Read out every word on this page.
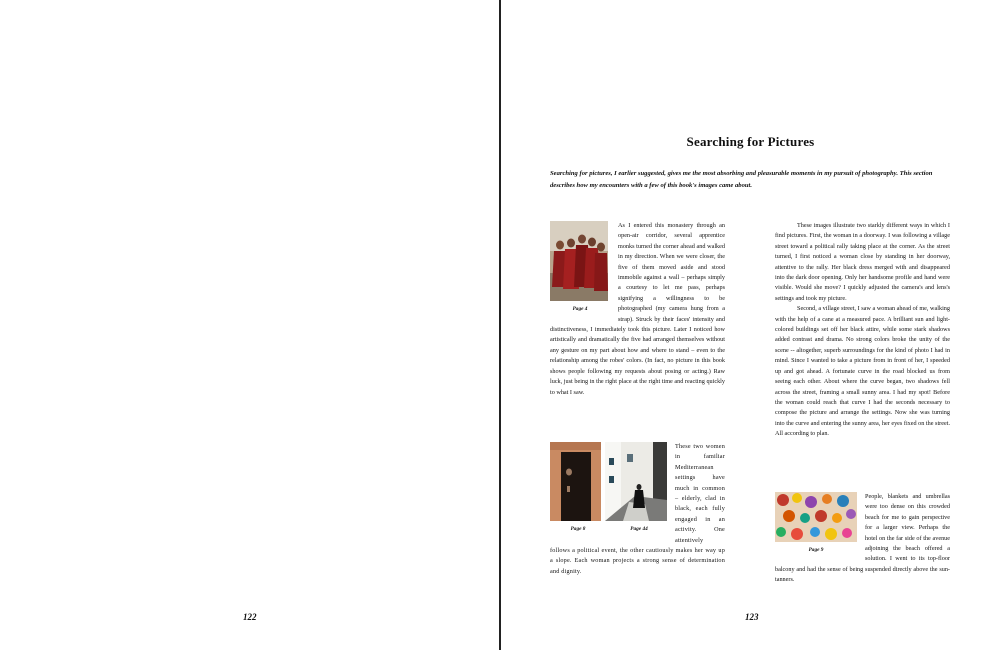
122
Searching for Pictures
Searching for pictures, I earlier suggested, gives me the most absorbing and pleasurable moments in my pursuit of photography. This section describes how my encounters with a few of this book's images came about.
Page 4

As I entered this monastery through an open-air corridor, several apprentice monks turned the corner ahead and walked in my direction. When we were closer, the five of them moved aside and stood immobile against a wall – perhaps simply a courtesy to let me pass, perhaps signifying a willingness to be photographed (my camera hung from a strap). Struck by their faces' intensity and distinctiveness, I immediately took this picture. Later I noticed how artistically and dramatically the five had arranged themselves without any gesture on my part about how and where to stand – even to the relationship among the robes' colors. (In fact, no picture in this book shows people following my requests about posing or acting.) Raw luck, just being in the right place at the right time and reacting quickly to what I saw.

Page 8	Page 44

These two women in familiar Mediterranean settings have much in common – elderly, clad in black, each fully engaged in an activity. One attentively follows a political event, the other cautiously makes her way up a slope. Each woman projects a strong sense of determination and dignity.

These images illustrate two starkly different ways in which I find pictures. First, the woman in a doorway. I was following a village street toward a political rally taking place at the corner. As the street turned, I first noticed a woman close by standing in her doorway, attentive to the rally. Her black dress merged with and disappeared into the dark door opening. Only her handsome profile and hand were visible. Would she move? I quickly adjusted the camera's and lens's settings and took my picture.

Second, a village street, I saw a woman ahead of me, walking with the help of a cane at a measured pace. A brilliant sun and light-colored buildings set off her black attire, while some stark shadows added contrast and drama. No strong colors broke the unity of the scene -- altogether, superb surroundings for the kind of photo I had in mind. Since I wanted to take a picture from in front of her, I speeded up and got ahead. A fortunate curve in the road blocked us from seeing each other. About where the curve began, two shadows fell across the street, framing a small sunny area. I had my spot! Before the woman could reach that curve I had the seconds necessary to compose the picture and arrange the settings. Now she was turning into the curve and entering the sunny area, her eyes fixed on the street. All according to plan.

Page 9

People, blankets and umbrellas were too dense on this crowded beach for me to gain perspective for a larger view. Perhaps the hotel on the far side of the avenue adjoining the beach offered a solution. I went to its top-floor balcony and had the sense of being suspended directly above the sun-tanners.

123
